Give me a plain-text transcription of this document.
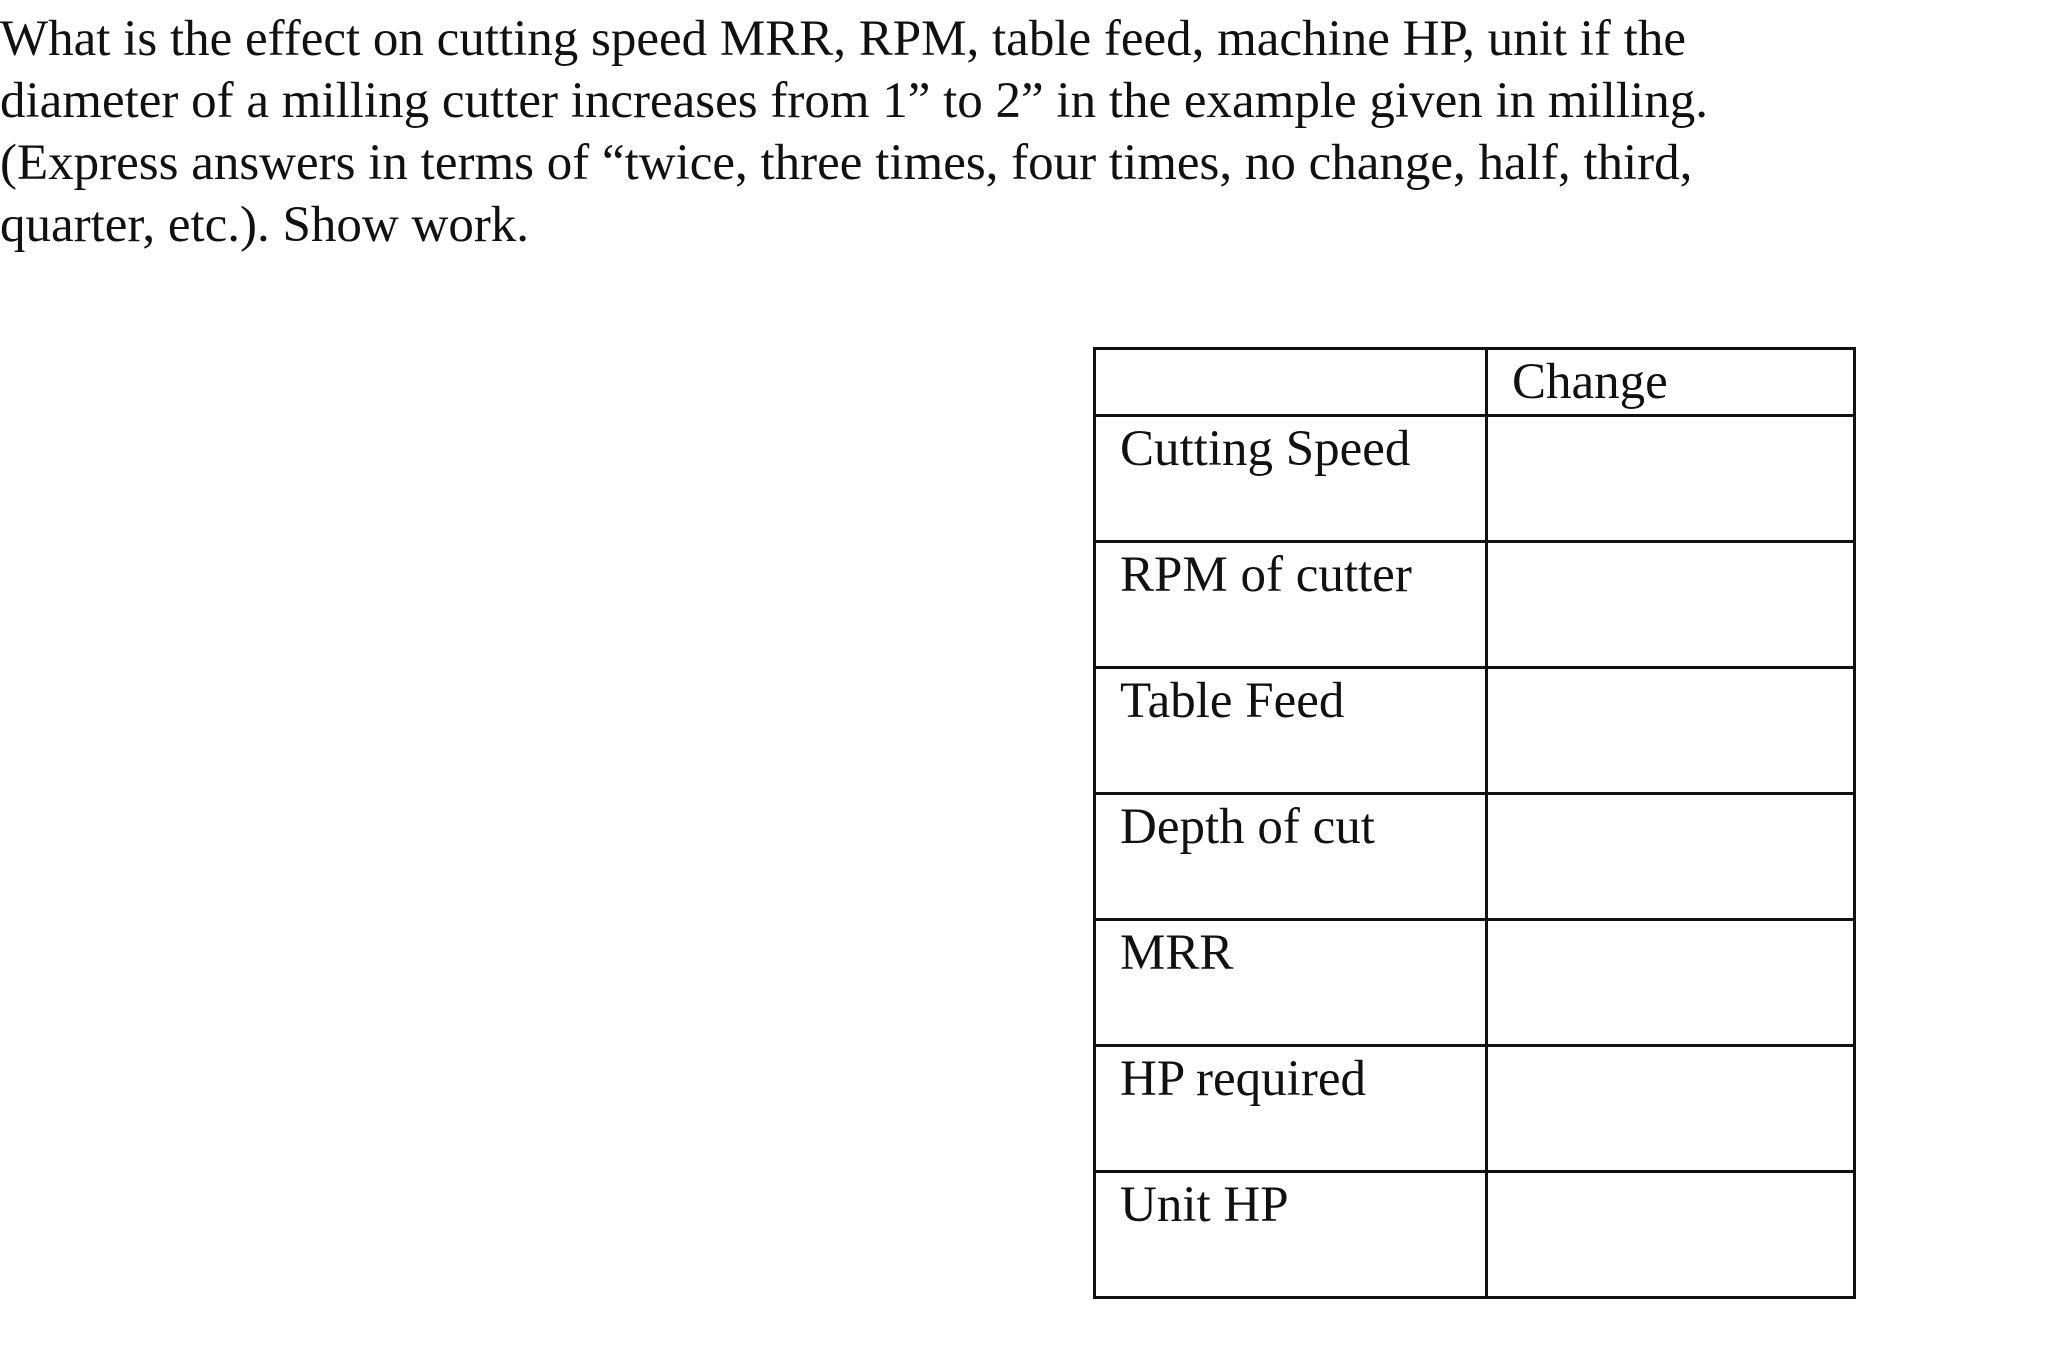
What is the effect on cutting speed MRR, RPM, table feed, machine HP, unit if the
diameter of a milling cutter increases from 1” to 2” in the example given in milling.
(Express answers in terms of “twice, three times, four times, no change, half, third,
quarter, etc.). Show work.

	Change

Cutting Speed	

RPM of cutter	

Table Feed	

Depth of cut	

MRR	

HP required	

Unit HP	
